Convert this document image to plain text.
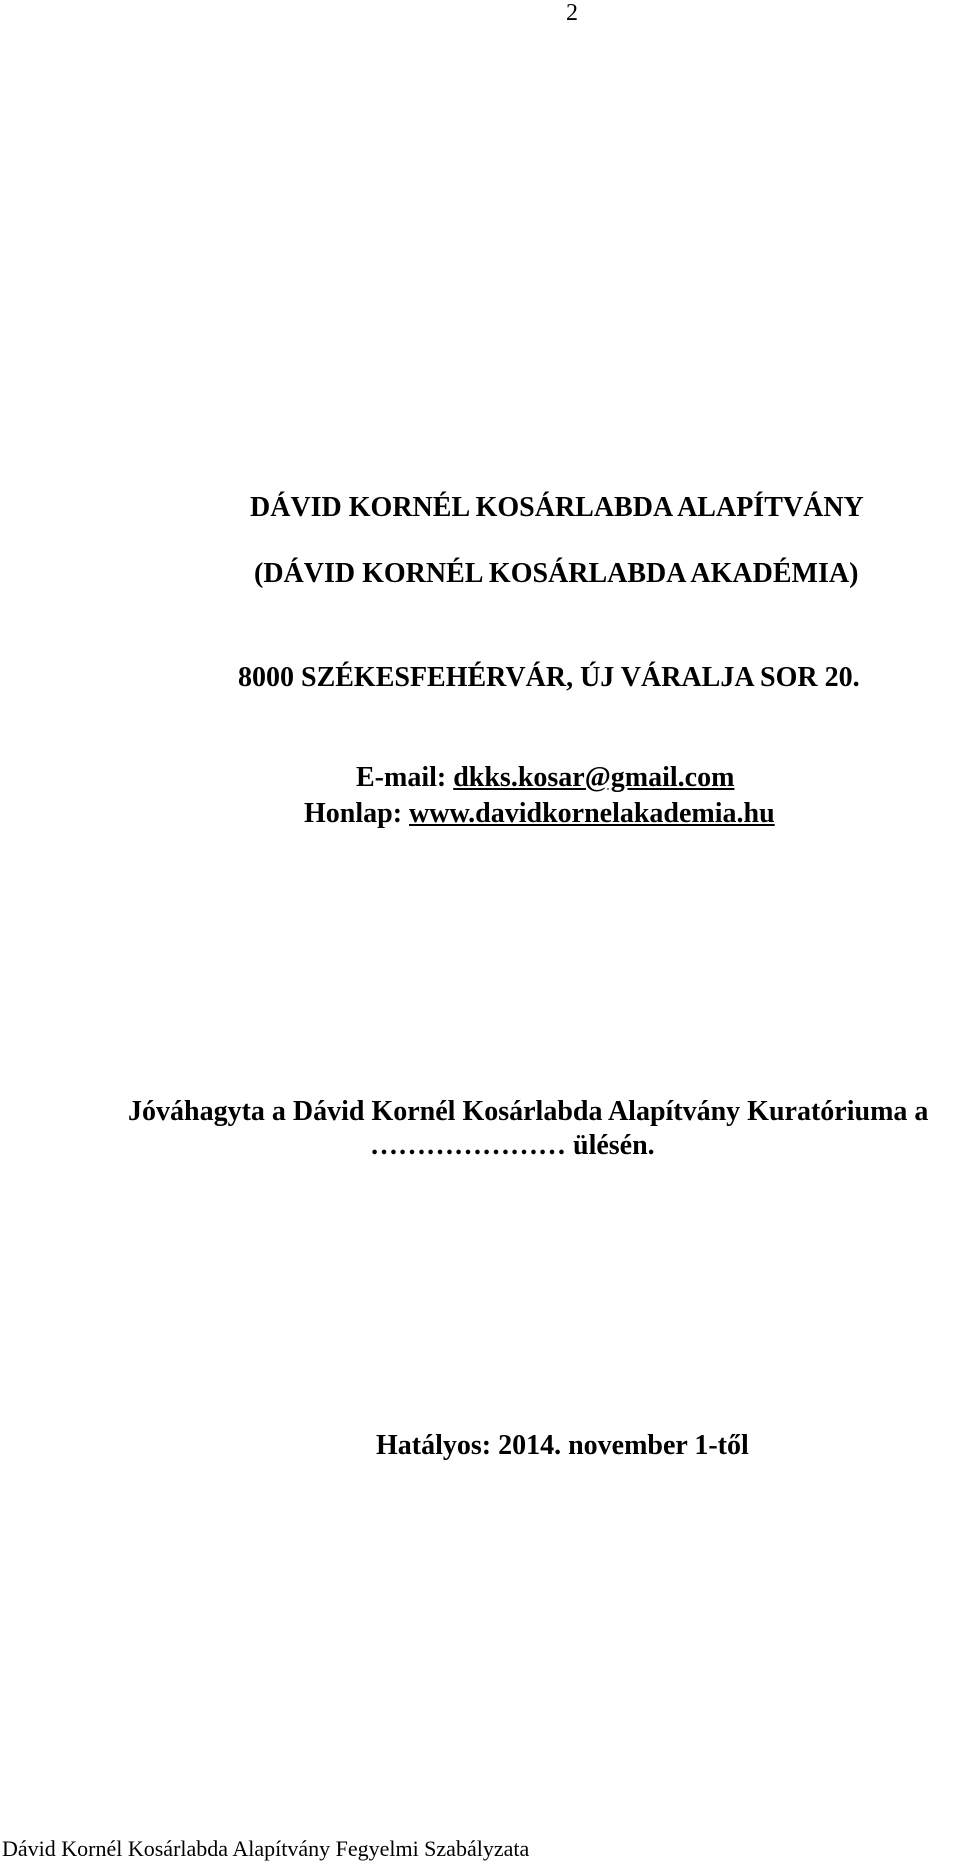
2
DÁVID KORNÉL KOSÁRLABDA ALAPÍTVÁNY
(DÁVID KORNÉL KOSÁRLABDA AKADÉMIA)
8000 SZÉKESFEHÉRVÁR, ÚJ VÁRALJA SOR 20.
E-mail: dkks.kosar@gmail.com
Honlap: www.davidkornelakademia.hu
Jóváhagyta a Dávid Kornél Kosárlabda Alapítvány Kuratóriuma a
………………… ülésén.
Hatályos: 2014. november 1-től
Dávid Kornél Kosárlabda Alapítvány Fegyelmi Szabályzata
